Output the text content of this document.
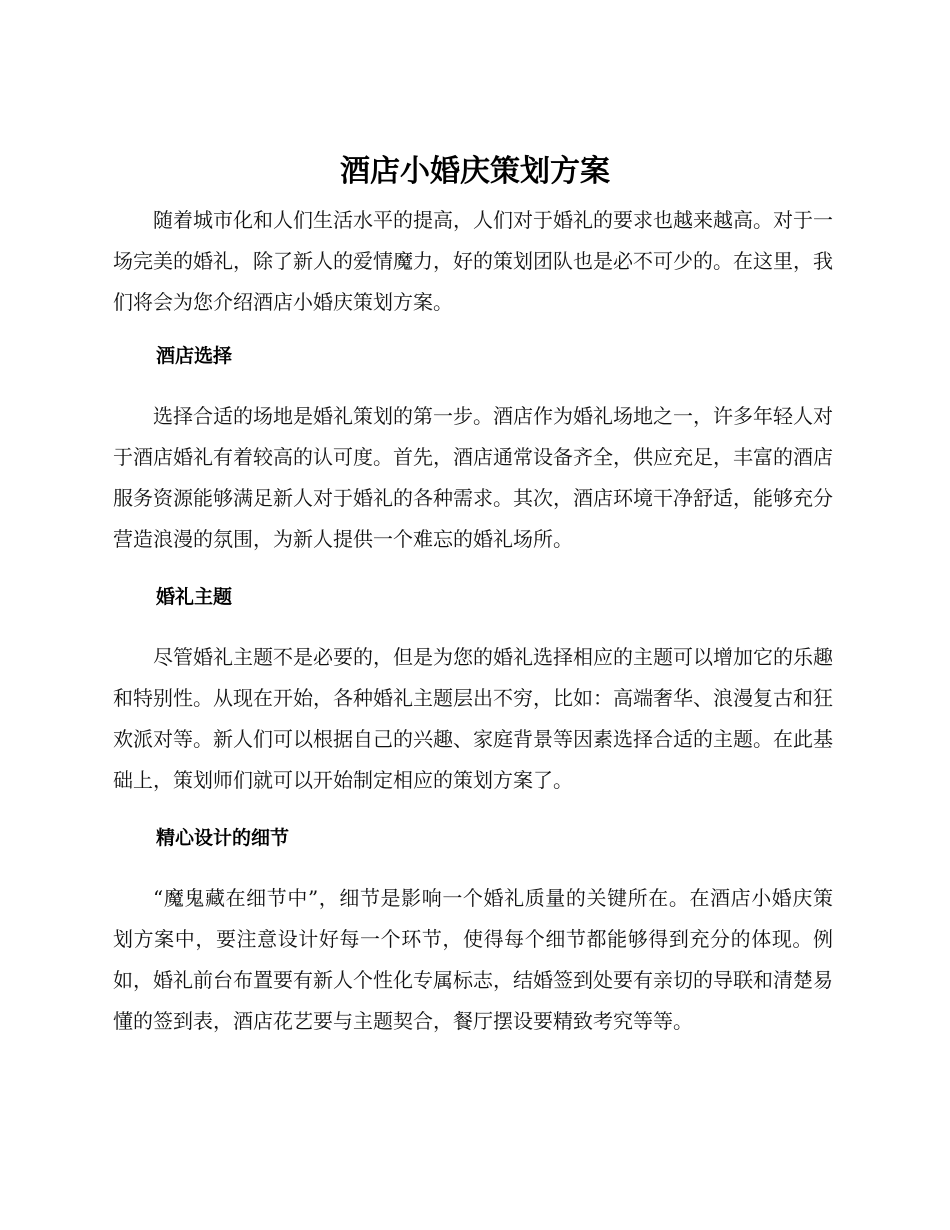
酒店小婚庆策划方案

随着城市化和人们生活水平的提高，人们对于婚礼的要求也越来越高。对于一场完美的婚礼，除了新人的爱情魔力，好的策划团队也是必不可少的。在这里，我们将会为您介绍酒店小婚庆策划方案。

酒店选择

选择合适的场地是婚礼策划的第一步。酒店作为婚礼场地之一，许多年轻人对于酒店婚礼有着较高的认可度。首先，酒店通常设备齐全，供应充足，丰富的酒店服务资源能够满足新人对于婚礼的各种需求。其次，酒店环境干净舒适，能够充分营造浪漫的氛围，为新人提供一个难忘的婚礼场所。

婚礼主题

尽管婚礼主题不是必要的，但是为您的婚礼选择相应的主题可以增加它的乐趣和特别性。从现在开始，各种婚礼主题层出不穷，比如：高端奢华、浪漫复古和狂欢派对等。新人们可以根据自己的兴趣、家庭背景等因素选择合适的主题。在此基础上，策划师们就可以开始制定相应的策划方案了。

精心设计的细节

“魔鬼藏在细节中”，细节是影响一个婚礼质量的关键所在。在酒店小婚庆策划方案中，要注意设计好每一个环节，使得每个细节都能够得到充分的体现。例如，婚礼前台布置要有新人个性化专属标志，结婚签到处要有亲切的导联和清楚易懂的签到表，酒店花艺要与主题契合，餐厅摆设要精致考究等等。
